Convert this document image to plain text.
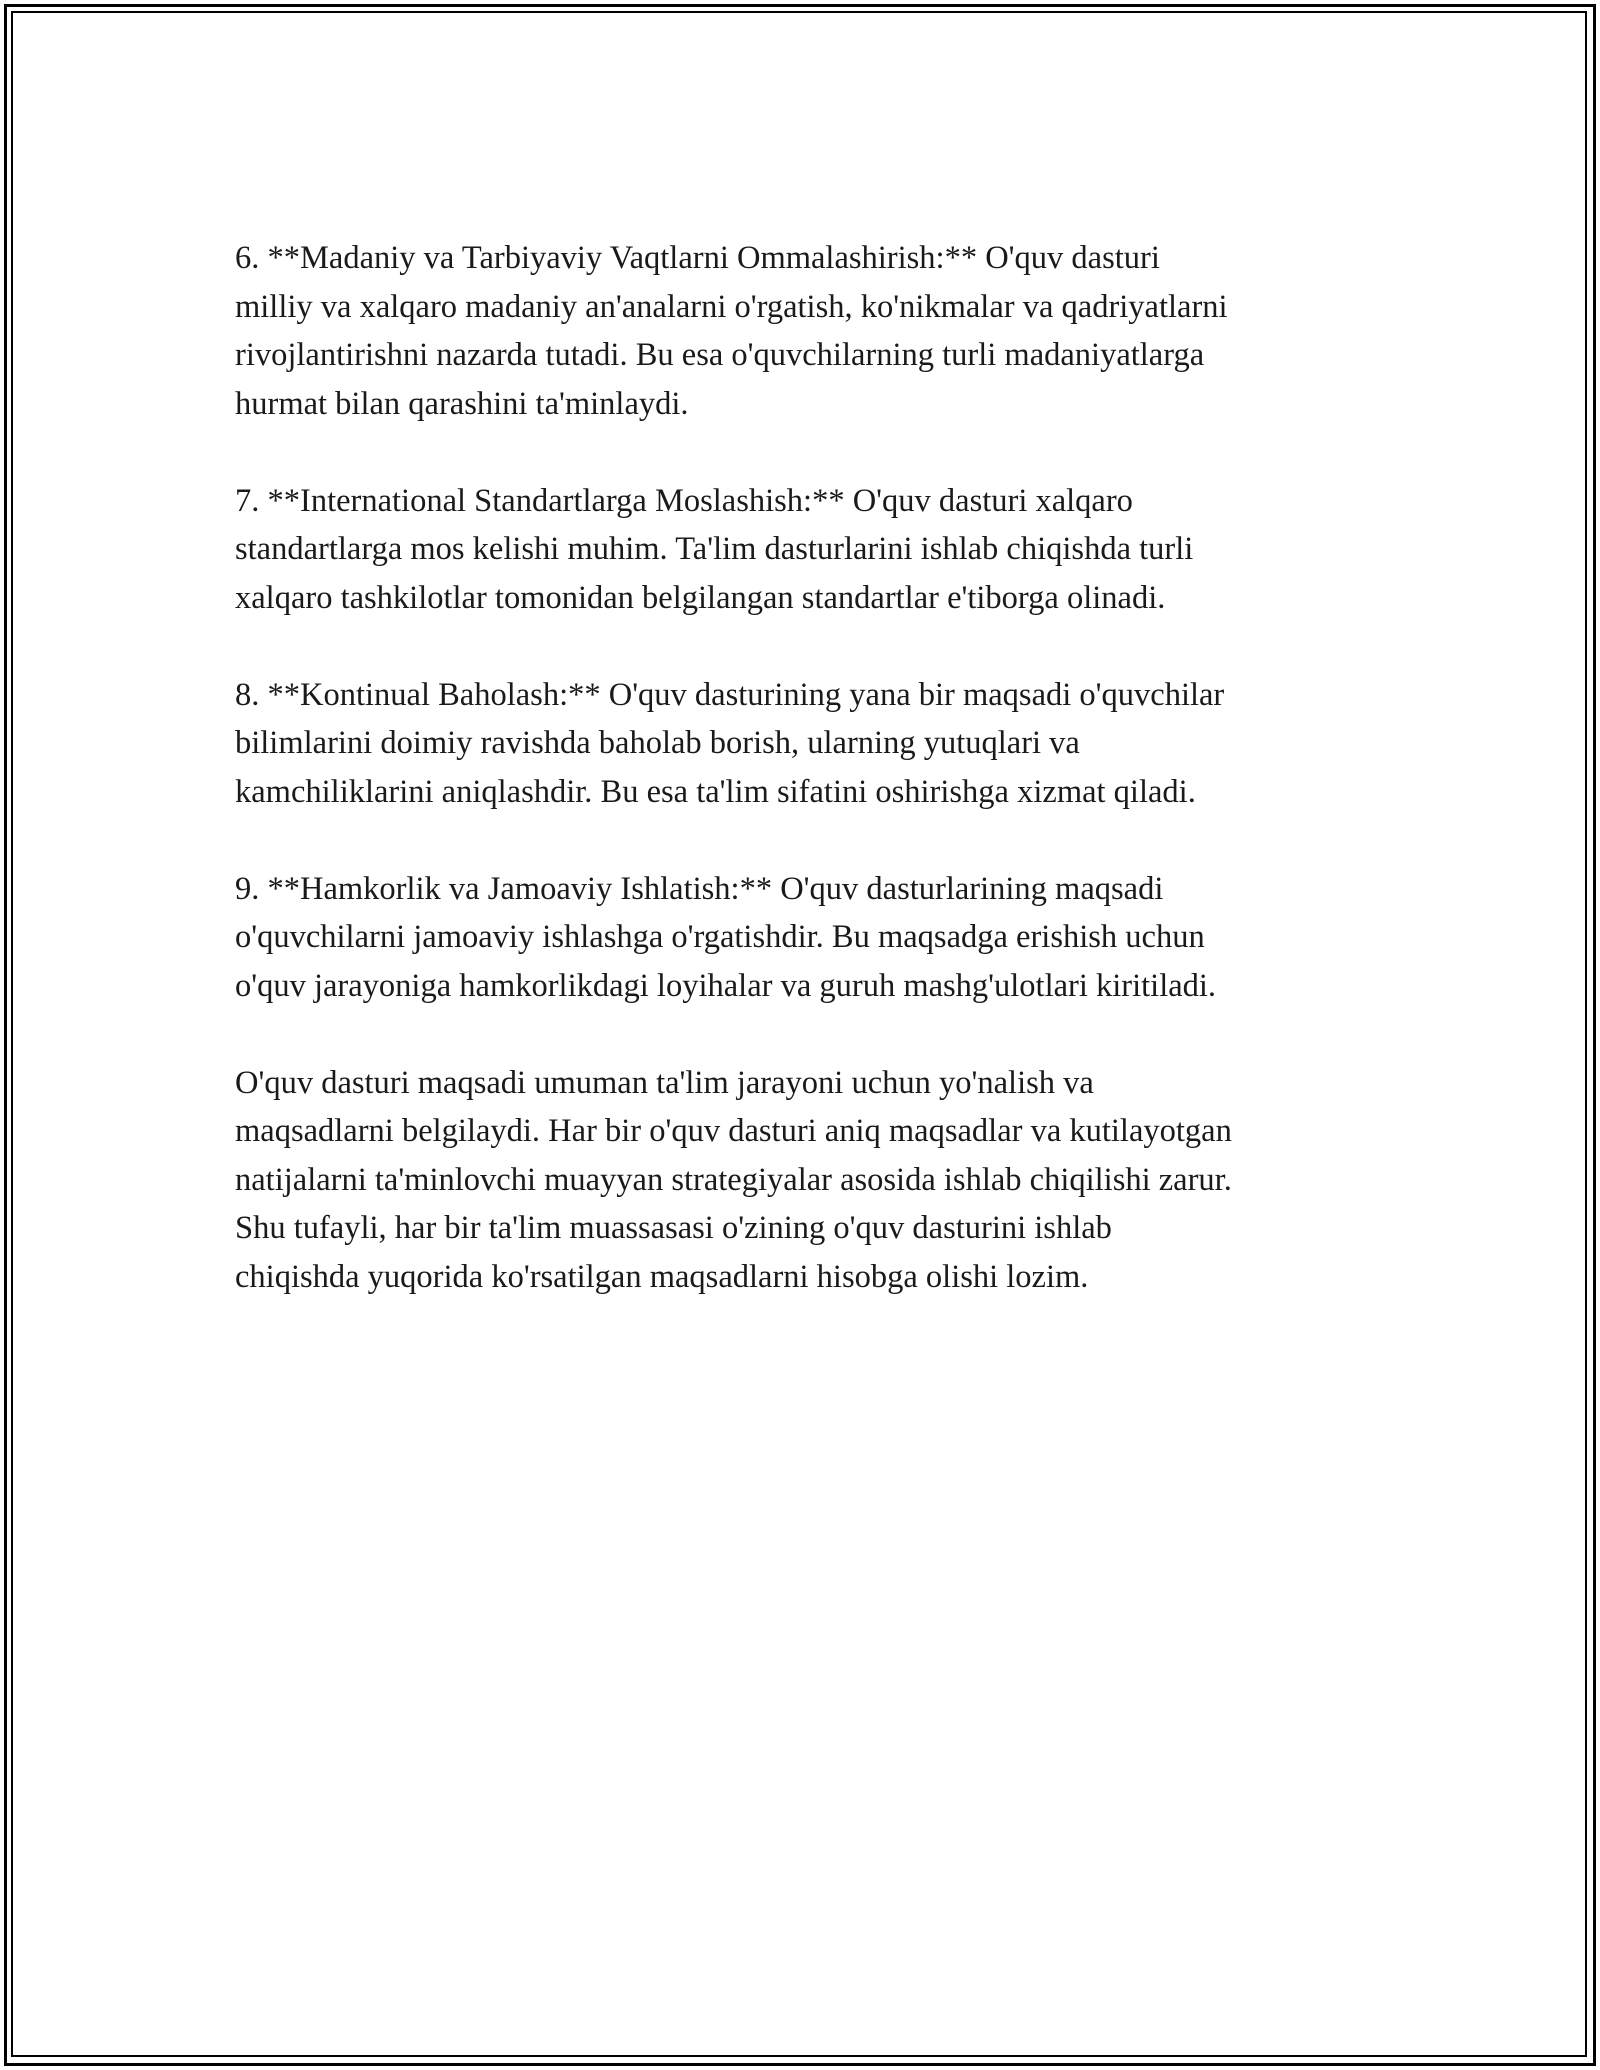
6. **Madaniy va Tarbiyaviy Vaqtlarni Ommalashirish:** O'quv dasturi
milliy va xalqaro madaniy an'analarni o'rgatish, ko'nikmalar va qadriyatlarni
rivojlantirishni nazarda tutadi. Bu esa o'quvchilarning turli madaniyatlarga
hurmat bilan qarashini ta'minlaydi.

7. **International Standartlarga Moslashish:** O'quv dasturi xalqaro
standartlarga mos kelishi muhim. Ta'lim dasturlarini ishlab chiqishda turli
xalqaro tashkilotlar tomonidan belgilangan standartlar e'tiborga olinadi.

8. **Kontinual Baholash:** O'quv dasturining yana bir maqsadi o'quvchilar
bilimlarini doimiy ravishda baholab borish, ularning yutuqlari va
kamchiliklarini aniqlashdir. Bu esa ta'lim sifatini oshirishga xizmat qiladi.

9. **Hamkorlik va Jamoaviy Ishlatish:** O'quv dasturlarining maqsadi
o'quvchilarni jamoaviy ishlashga o'rgatishdir. Bu maqsadga erishish uchun
o'quv jarayoniga hamkorlikdagi loyihalar va guruh mashg'ulotlari kiritiladi.

O'quv dasturi maqsadi umuman ta'lim jarayoni uchun yo'nalish va
maqsadlarni belgilaydi. Har bir o'quv dasturi aniq maqsadlar va kutilayotgan
natijalarni ta'minlovchi muayyan strategiyalar asosida ishlab chiqilishi zarur.
Shu tufayli, har bir ta'lim muassasasi o'zining o'quv dasturini ishlab
chiqishda yuqorida ko'rsatilgan maqsadlarni hisobga olishi lozim.
